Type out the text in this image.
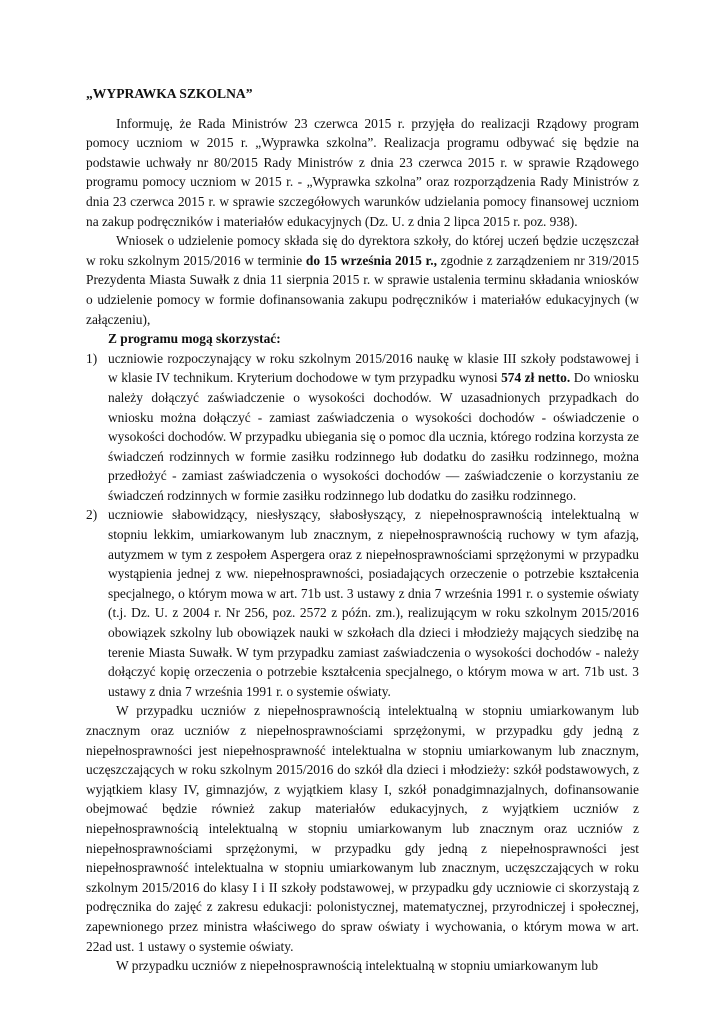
„WYPRAWKA SZKOLNA”

Informuję, że Rada Ministrów 23 czerwca 2015 r. przyjęła do realizacji Rządowy program pomocy uczniom w 2015 r. „Wyprawka szkolna”. Realizacja programu odbywać się będzie na podstawie uchwały nr 80/2015 Rady Ministrów z dnia 23 czerwca 2015 r. w sprawie Rządowego programu pomocy uczniom w 2015 r. - „Wyprawka szkolna” oraz rozporządzenia Rady Ministrów z dnia 23 czerwca 2015 r. w sprawie szczegółowych warunków udzielania pomocy finansowej uczniom na zakup podręczników i materiałów edukacyjnych (Dz. U. z dnia 2 lipca 2015 r. poz. 938).

Wniosek o udzielenie pomocy składa się do dyrektora szkoły, do której uczeń będzie uczęszczał w roku szkolnym 2015/2016 w terminie do 15 września 2015 r., zgodnie z zarządzeniem nr 319/2015 Prezydenta Miasta Suwałk z dnia 11 sierpnia 2015 r. w sprawie ustalenia terminu składania wniosków o udzielenie pomocy w formie dofinansowania zakupu podręczników i materiałów edukacyjnych (w załączeniu),

Z programu mogą skorzystać:
1) uczniowie rozpoczynający w roku szkolnym 2015/2016 naukę w klasie III szkoły podstawowej i w klasie IV technikum. Kryterium dochodowe w tym przypadku wynosi 574 zł netto. Do wniosku należy dołączyć zaświadczenie o wysokości dochodów. W uzasadnionych przypadkach do wniosku można dołączyć - zamiast zaświadczenia o wysokości dochodów - oświadczenie o wysokości dochodów. W przypadku ubiegania się o pomoc dla ucznia, którego rodzina korzysta ze świadczeń rodzinnych w formie zasiłku rodzinnego łub dodatku do zasiłku rodzinnego, można przedłożyć - zamiast zaświadczenia o wysokości dochodów — zaświadczenie o korzystaniu ze świadczeń rodzinnych w formie zasiłku rodzinnego lub dodatku do zasiłku rodzinnego.
2) uczniowie słabowidzący, niesłyszący, słabosłyszący, z niepełnosprawnością intelektualną w stopniu lekkim, umiarkowanym lub znacznym, z niepełnosprawnością ruchowy w tym afazją, autyzmem w tym z zespołem Aspergera oraz z niepełnosprawnościami sprzężonymi w przypadku wystąpienia jednej z ww. niepełnosprawności, posiadających orzeczenie o potrzebie kształcenia specjalnego, o którym mowa w art. 71b ust. 3 ustawy z dnia 7 września 1991 r. o systemie oświaty (t.j. Dz. U. z 2004 r. Nr 256, poz. 2572 z późn. zm.), realizującym w roku szkolnym 2015/2016 obowiązek szkolny lub obowiązek nauki w szkołach dla dzieci i młodzieży mających siedzibę na terenie Miasta Suwałk. W tym przypadku zamiast zaświadczenia o wysokości dochodów - należy dołączyć kopię orzeczenia o potrzebie kształcenia specjalnego, o którym mowa w art. 71b ust. 3 ustawy z dnia 7 września 1991 r. o systemie oświaty.

W przypadku uczniów z niepełnosprawnością intelektualną w stopniu umiarkowanym lub znacznym oraz uczniów z niepełnosprawnościami sprzężonymi, w przypadku gdy jedną z niepełnosprawności jest niepełnosprawność intelektualna w stopniu umiarkowanym lub znacznym, uczęszczających w roku szkolnym 2015/2016 do szkół dla dzieci i młodzieży: szkół podstawowych, z wyjątkiem klasy IV, gimnazjów, z wyjątkiem klasy I, szkół ponadgimnazjalnych, dofinansowanie obejmować będzie również zakup materiałów edukacyjnych, z wyjątkiem uczniów z niepełnosprawnością intelektualną w stopniu umiarkowanym lub znacznym oraz uczniów z niepełnosprawnościami sprzężonymi, w przypadku gdy jedną z niepełnosprawności jest niepełnosprawność intelektualna w stopniu umiarkowanym lub znacznym, uczęszczających w roku szkolnym 2015/2016 do klasy I i II szkoły podstawowej, w przypadku gdy uczniowie ci skorzystają z podręcznika do zajęć z zakresu edukacji: polonistycznej, matematycznej, przyrodniczej i społecznej, zapewnionego przez ministra właściwego do spraw oświaty i wychowania, o którym mowa w art. 22ad ust. 1 ustawy o systemie oświaty.

W przypadku uczniów z niepełnosprawnością intelektualną w stopniu umiarkowanym lub
